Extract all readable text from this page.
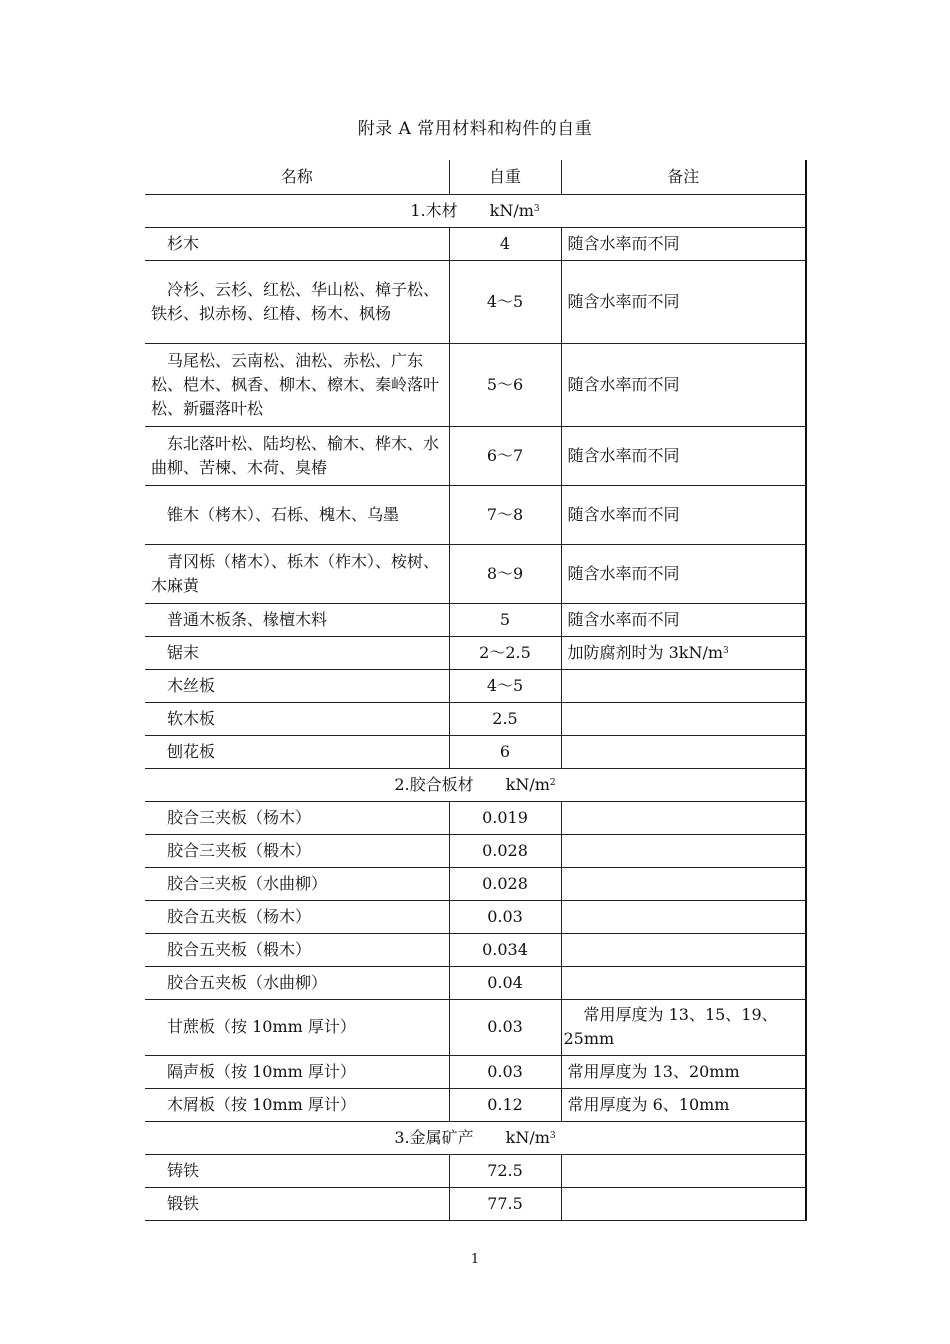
附录 A 常用材料和构件的自重
名称	自重	备注
1.木材 $kN/m^3$
杉木	4	随含水率而不同
冷杉、云杉、红松、华山松、樟子松、铁杉、拟赤杨、红椿、杨木、枫杨	4～5	随含水率而不同
马尾松、云南松、油松、赤松、广东松、桤木、枫香、柳木、檫木、秦岭落叶松、新疆落叶松	5～6	随含水率而不同
东北落叶松、陆均松、榆木、桦木、水曲柳、苦楝、木荷、臭椿	6～7	随含水率而不同
锥木（栲木）、石栎、槐木、乌墨	7～8	随含水率而不同
青冈栎（楮木）、栎木（柞木）、桉树、木麻黄	8～9	随含水率而不同
普通木板条、椽檀木料	5	随含水率而不同
锯末	2～2.5	加防腐剂时为 $3kN/m^3$
木丝板	4～5	
软木板	2.5	
刨花板	6	
2.胶合板材 $kN/m^2$
胶合三夹板（杨木）	0.019	
胶合三夹板（椴木）	0.028	
胶合三夹板（水曲柳）	0.028	
胶合五夹板（杨木）	0.03	
胶合五夹板（椴木）	0.034	
胶合五夹板（水曲柳）	0.04	
甘蔗板（按 10mm 厚计）	0.03	常用厚度为 13、15、19、25mm
隔声板（按 10mm 厚计）	0.03	常用厚度为 13、20mm
木屑板（按 10mm 厚计）	0.12	常用厚度为 6、10mm
3.金属矿产 $kN/m^3$
铸铁	72.5	
锻铁	77.5	
1
